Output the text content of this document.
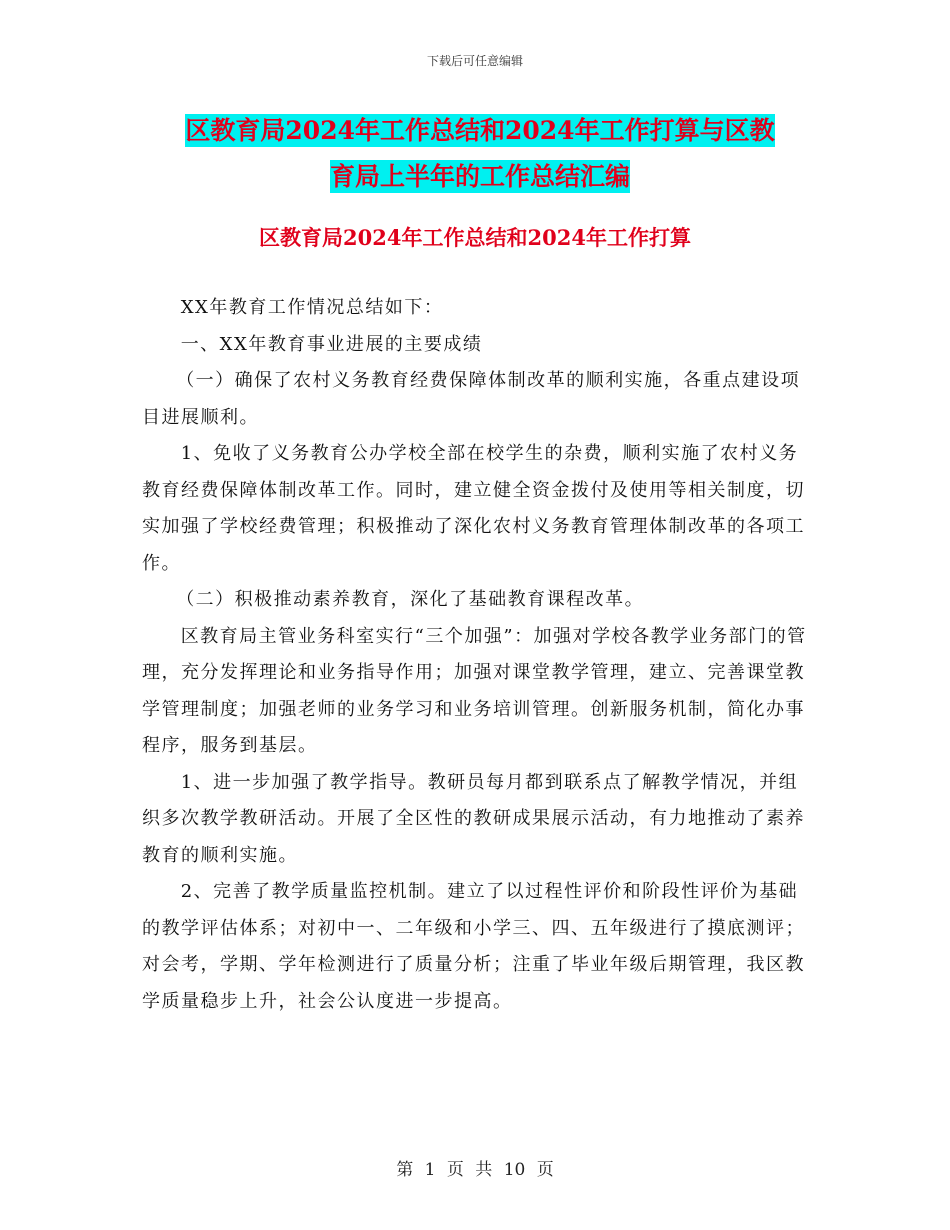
下载后可任意编辑
区教育局2024年工作总结和2024年工作打算与区教
育局上半年的工作总结汇编
区教育局2024年工作总结和2024年工作打算

XX年教育工作情况总结如下：

一、XX年教育事业进展的主要成绩

（一）确保了农村义务教育经费保障体制改革的顺利实施，各重点建设项目进展顺利。

1、免收了义务教育公办学校全部在校学生的杂费，顺利实施了农村义务教育经费保障体制改革工作。同时，建立健全资金拨付及使用等相关制度，切实加强了学校经费管理；积极推动了深化农村义务教育管理体制改革的各项工作。

（二）积极推动素养教育，深化了基础教育课程改革。

区教育局主管业务科室实行“三个加强”：加强对学校各教学业务部门的管理，充分发挥理论和业务指导作用；加强对课堂教学管理，建立、完善课堂教学管理制度；加强老师的业务学习和业务培训管理。创新服务机制，简化办事程序，服务到基层。

1、进一步加强了教学指导。教研员每月都到联系点了解教学情况，并组织多次教学教研活动。开展了全区性的教研成果展示活动，有力地推动了素养教育的顺利实施。

2、完善了教学质量监控机制。建立了以过程性评价和阶段性评价为基础的教学评估体系；对初中一、二年级和小学三、四、五年级进行了摸底测评；对会考，学期、学年检测进行了质量分析；注重了毕业年级后期管理，我区教学质量稳步上升，社会公认度进一步提高。

第 1 页 共 10 页
